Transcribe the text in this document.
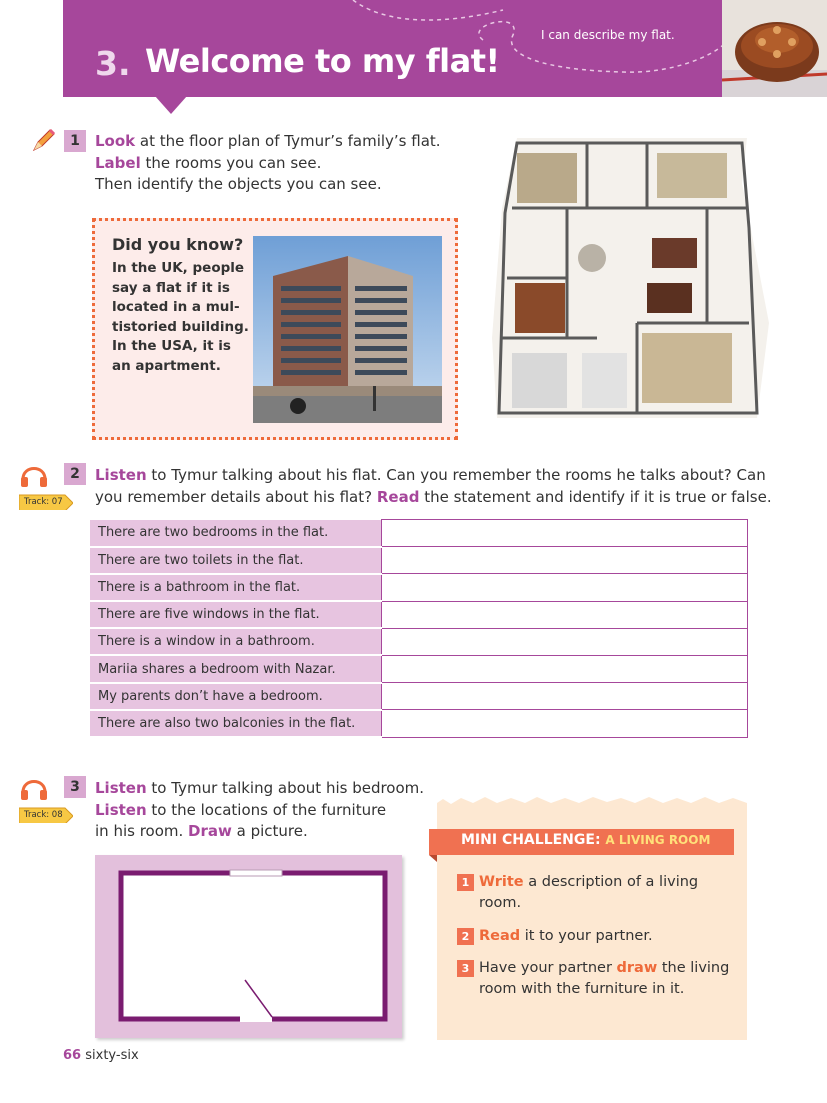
3. Welcome to my flat!
I can describe my flat.
1	Look at the floor plan of Tymur’s family’s flat.
Label the rooms you can see.
Then identify the objects you can see.
Did you know?
In the UK, people say a flat if it is located in a mul-tistoried building. In the USA, it is an apartment.
Track: 07
2	Listen to Tymur talking about his flat. Can you remember the rooms he talks about? Can
you remember details about his flat? Read the statement and identify if it is true or false.
There are two bedrooms in the flat.	
There are two toilets in the flat.	
There is a bathroom in the flat.	
There are five windows in the flat.	
There is a window in a bathroom.	
Mariia shares a bedroom with Nazar.	
My parents don’t have a bedroom.	
There are also two balconies in the flat.	
Track: 08
3	Listen to Tymur talking about his bedroom.
Listen to the locations of the furniture
in his room. Draw a picture.	MINI CHALLENGE: A LIVING ROOM
1 Write a description of a living
room.
2 Read it to your partner.
3 Have your partner draw the living
room with the furniture in it.
66 sixty-six
